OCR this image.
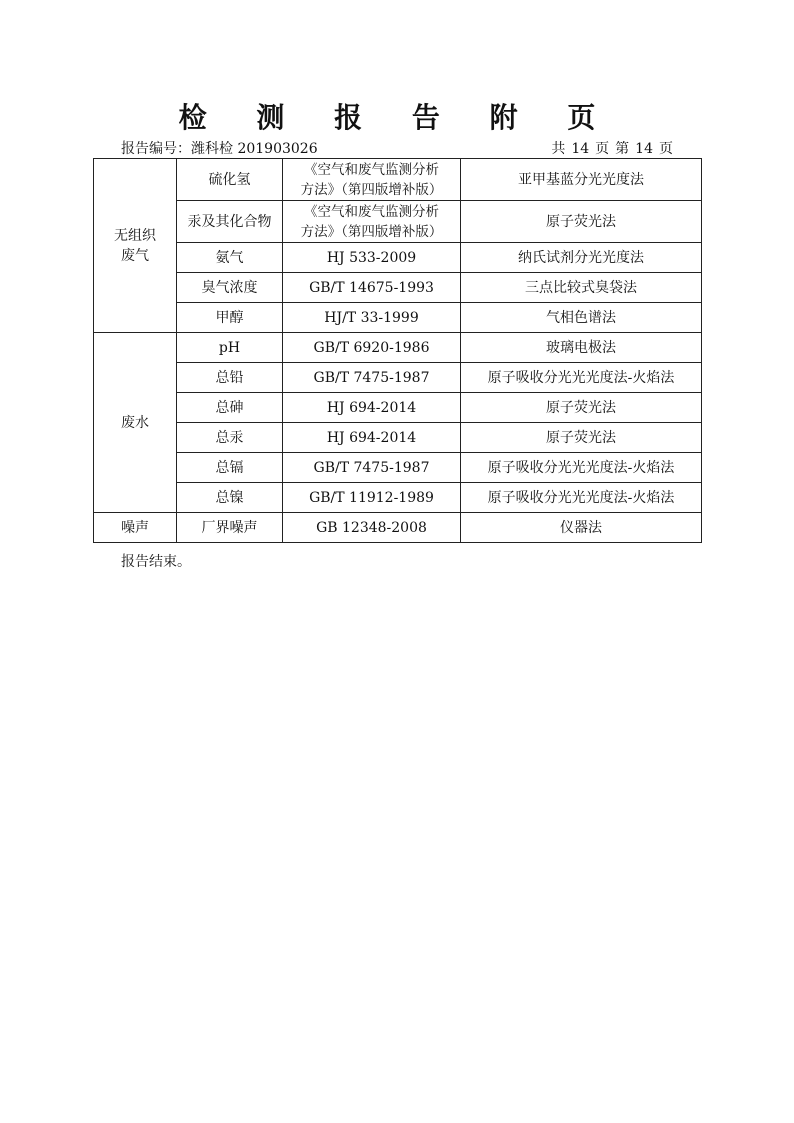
检 测 报 告 附 页
报告编号：潍科检 201903026	共 14 页 第 14 页
无组织
废气	硫化氢	《空气和废气监测分析
方法》（第四版增补版）	亚甲基蓝分光光度法
	汞及其化合物	《空气和废气监测分析
方法》（第四版增补版）	原子荧光法
	氨气	HJ 533-2009	纳氏试剂分光光度法
	臭气浓度	GB/T 14675-1993	三点比较式臭袋法
	甲醇	HJ/T 33-1999	气相色谱法
废水	pH	GB/T 6920-1986	玻璃电极法
	总铅	GB/T 7475-1987	原子吸收分光光光度法-火焰法
	总砷	HJ 694-2014	原子荧光法
	总汞	HJ 694-2014	原子荧光法
	总镉	GB/T 7475-1987	原子吸收分光光光度法-火焰法
	总镍	GB/T 11912-1989	原子吸收分光光光度法-火焰法
噪声	厂界噪声	GB 12348-2008	仪器法
报告结束。
